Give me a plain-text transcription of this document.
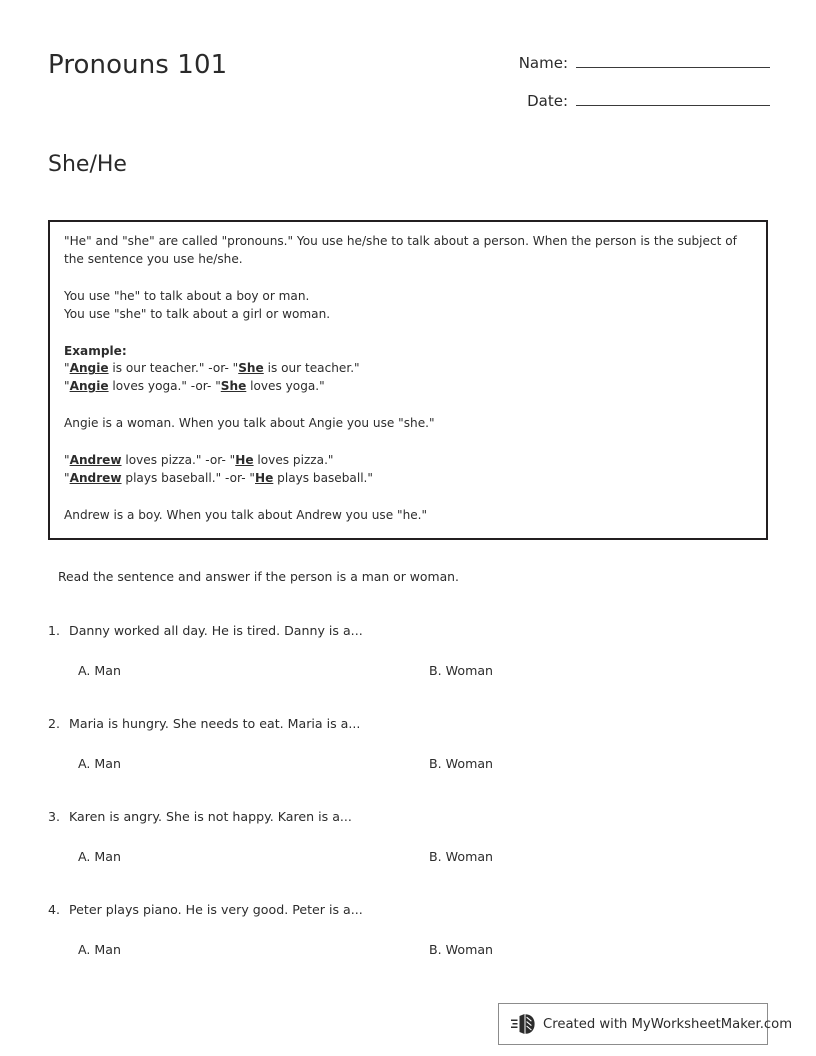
Pronouns 101	Name:
Date:
She/He

"He" and "she" are called "pronouns." You use he/she to talk about a person. When the person is the subject of the sentence you use he/she.

You use "he" to talk about a boy or man.

You use "she" to talk about a girl or woman.

Example:

"Angie is our teacher." -or- "She is our teacher."

"Angie loves yoga." -or- "She loves yoga."

Angie is a woman. When you talk about Angie you use "she."

"Andrew loves pizza." -or- "He loves pizza."

"Andrew plays baseball." -or- "He plays baseball."

Andrew is a boy. When you talk about Andrew you use "he."

Read the sentence and answer if the person is a man or woman.
1. Danny worked all day. He is tired. Danny is a...
A. Man	B. Woman
2. Maria is hungry. She needs to eat. Maria is a...
A. Man	B. Woman
3. Karen is angry. She is not happy. Karen is a...
A. Man	B. Woman
4. Peter plays piano. He is very good. Peter is a...
A. Man	B. Woman
Created with MyWorksheetMaker.com
